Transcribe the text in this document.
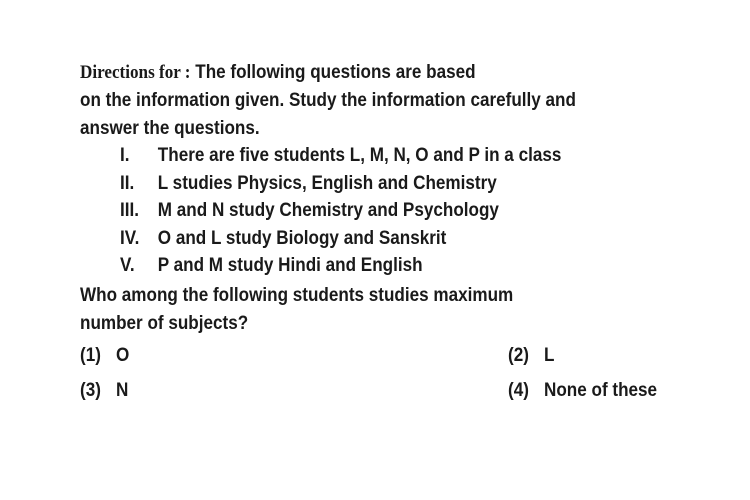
Directions for : The following questions are based
on the information given. Study the information carefully and
answer the questions.
I. There are five students L, M, N, O and P in a class
II. L studies Physics, English and Chemistry
III. M and N study Chemistry and Psychology
IV. O and L study Biology and Sanskrit
V. P and M study Hindi and English
Who among the following students studies maximum
number of subjects?
(1) O	(2) L
(3) N	(4) None of these
